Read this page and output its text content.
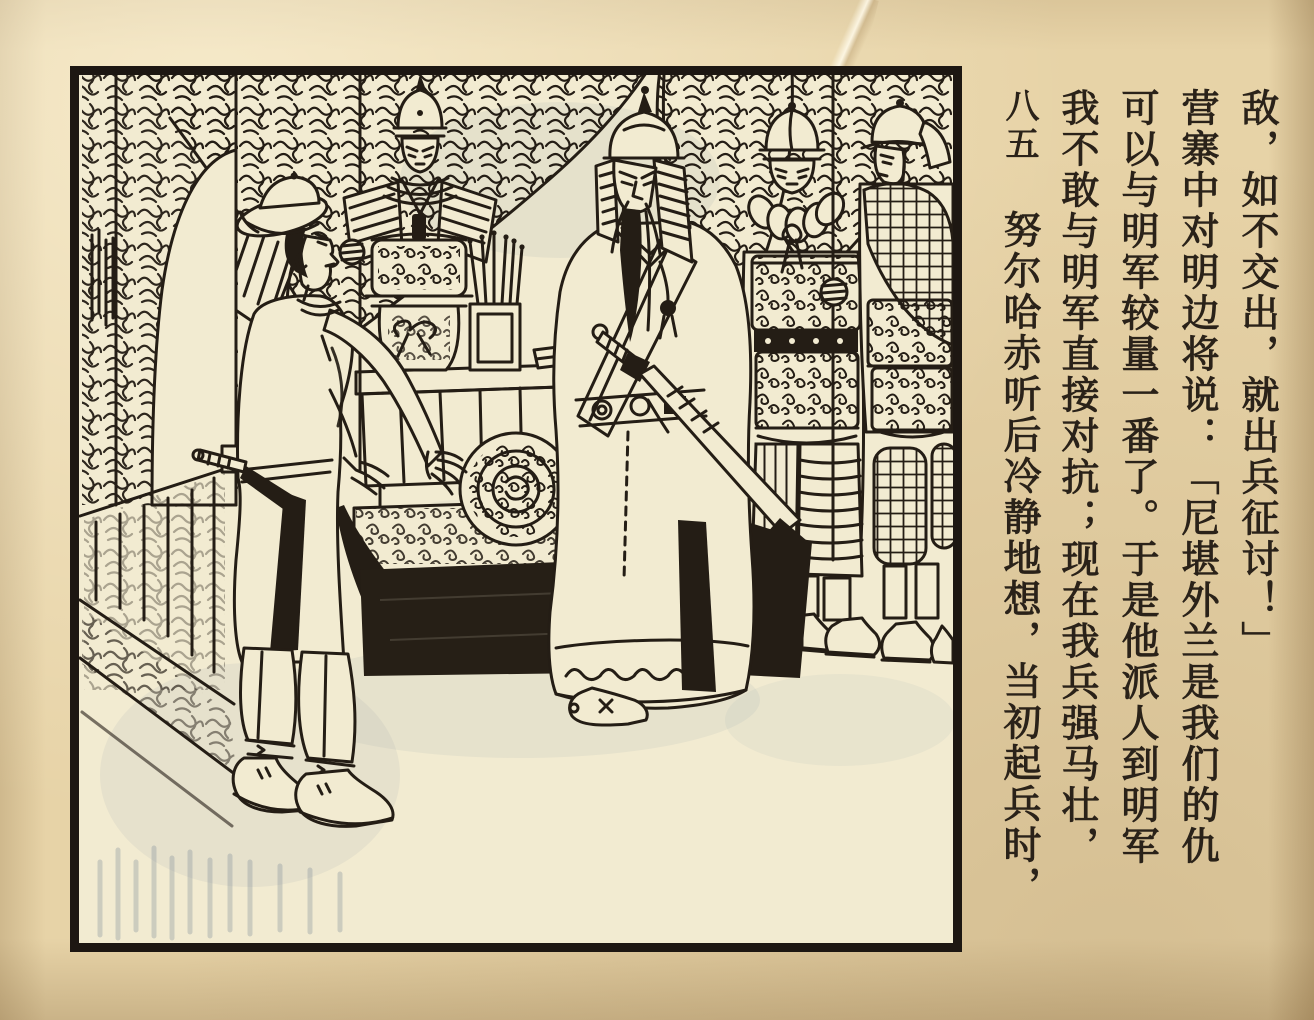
八五努尔哈赤听后冷静地想，当初起兵时， 我不敢与明军直接对抗；现在我兵强马壮， 可以与明军较量一番了。于是他派人到明军 营寨中对明边将说：「尼堪外兰是我们的仇 敌，如不交出，就出兵征讨！」
